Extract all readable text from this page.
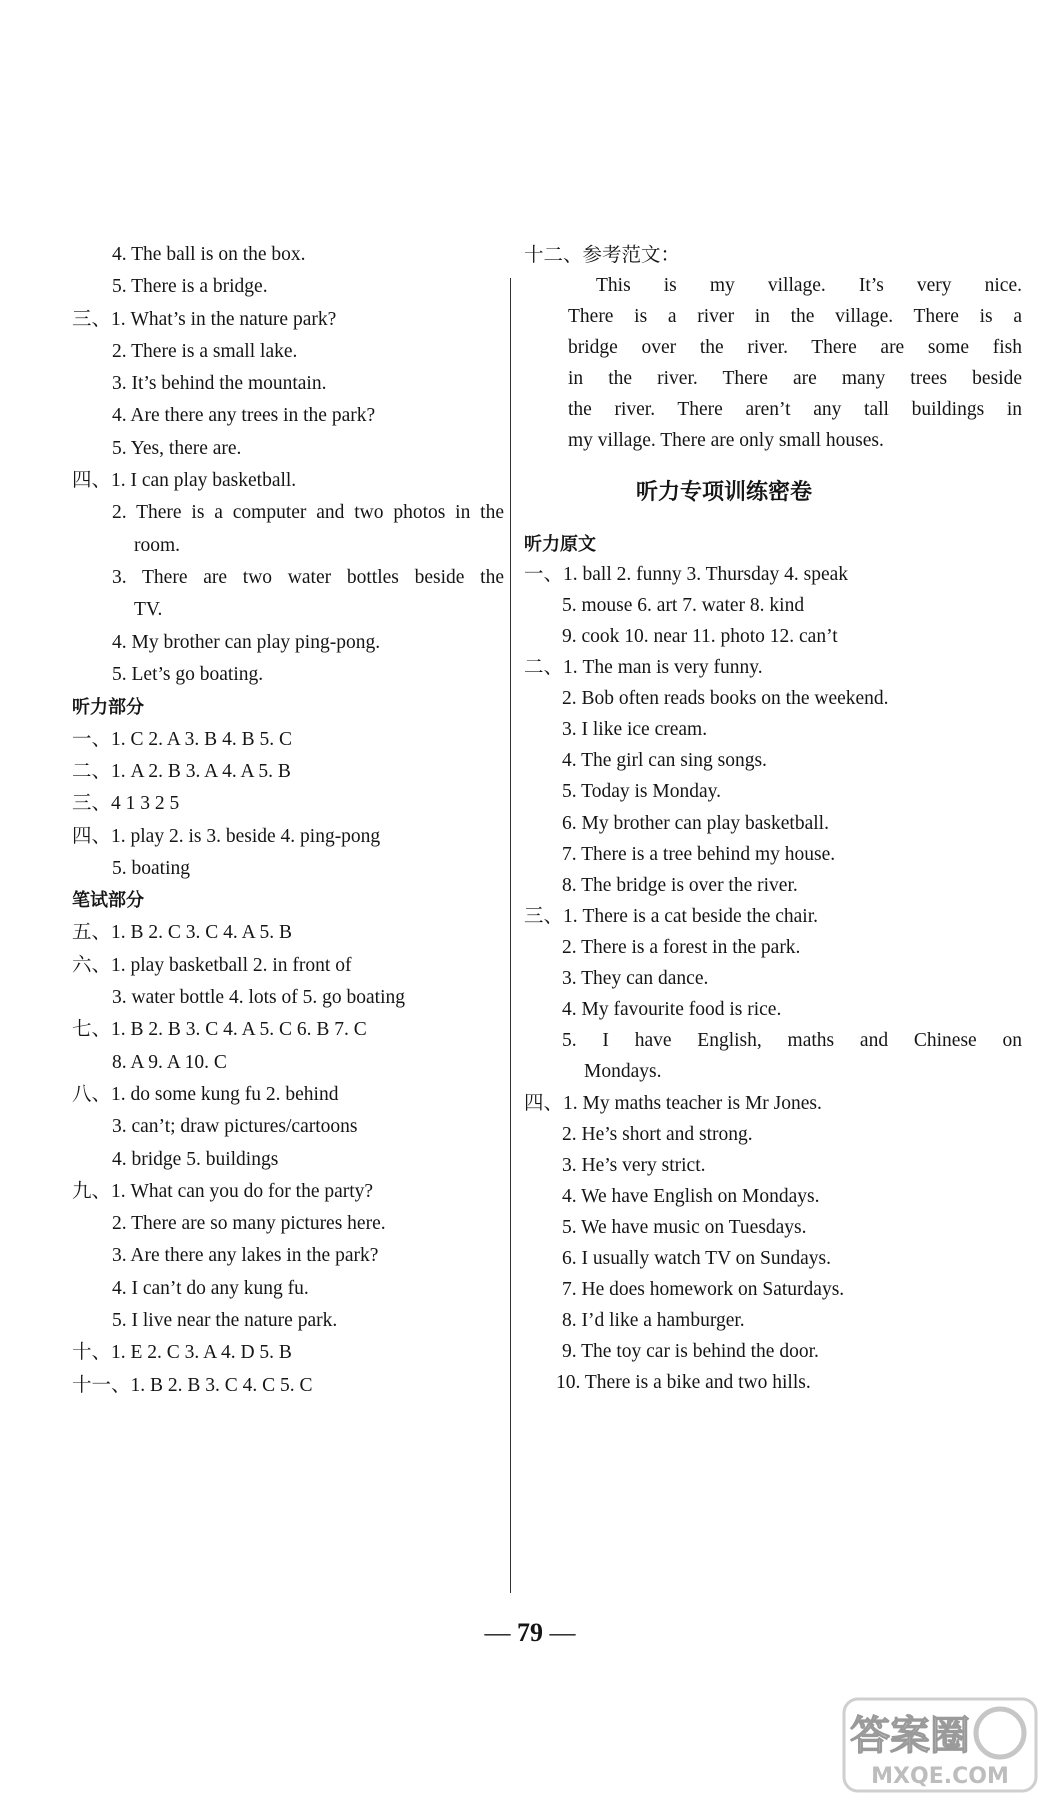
4. The ball is on the box.
5. There is a bridge.
三、1. What’s in the nature park?
2. There is a small lake.
3. It’s behind the mountain.
4. Are there any trees in the park?
5. Yes, there are.
四、1. I can play basketball.
2. There is a computer and two photos in the
room.
3. There are two water bottles beside the
TV.
4. My brother can play ping-pong.
5. Let’s go boating.
听力部分
一、1. C 2. A 3. B 4. B 5. C
二、1. A 2. B 3. A 4. A 5. B
三、4 1 3 2 5
四、1. play 2. is 3. beside 4. ping-pong
5. boating
笔试部分
五、1. B 2. C 3. C 4. A 5. B
六、1. play basketball 2. in front of
3. water bottle 4. lots of 5. go boating
七、1. B 2. B 3. C 4. A 5. C 6. B 7. C
8. A 9. A 10. C
八、1. do some kung fu 2. behind
3. can’t; draw pictures/cartoons
4. bridge 5. buildings
九、1. What can you do for the party?
2. There are so many pictures here.
3. Are there any lakes in the park?
4. I can’t do any kung fu.
5. I live near the nature park.
十、1. E 2. C 3. A 4. D 5. B
十一、1. B 2. B 3. C 4. C 5. C
十二、参考范文：
This is my village. It’s very nice.
There is a river in the village. There is a
bridge over the river. There are some fish
in the river. There are many trees beside
the river. There aren’t any tall buildings in
my village. There are only small houses.
听力专项训练密卷
听力原文
一、1. ball 2. funny 3. Thursday 4. speak
5. mouse 6. art 7. water 8. kind
9. cook 10. near 11. photo 12. can’t
二、1. The man is very funny.
2. Bob often reads books on the weekend.
3. I like ice cream.
4. The girl can sing songs.
5. Today is Monday.
6. My brother can play basketball.
7. There is a tree behind my house.
8. The bridge is over the river.
三、1. There is a cat beside the chair.
2. There is a forest in the park.
3. They can dance.
4. My favourite food is rice.
5. I have English, maths and Chinese on
Mondays.
四、1. My maths teacher is Mr Jones.
2. He’s short and strong.
3. He’s very strict.
4. We have English on Mondays.
5. We have music on Tuesdays.
6. I usually watch TV on Sundays.
7. He does homework on Saturdays.
8. I’d like a hamburger.
9. The toy car is behind the door.
10. There is a bike and two hills.
— 79 —
答案圈
MXQE.COM
